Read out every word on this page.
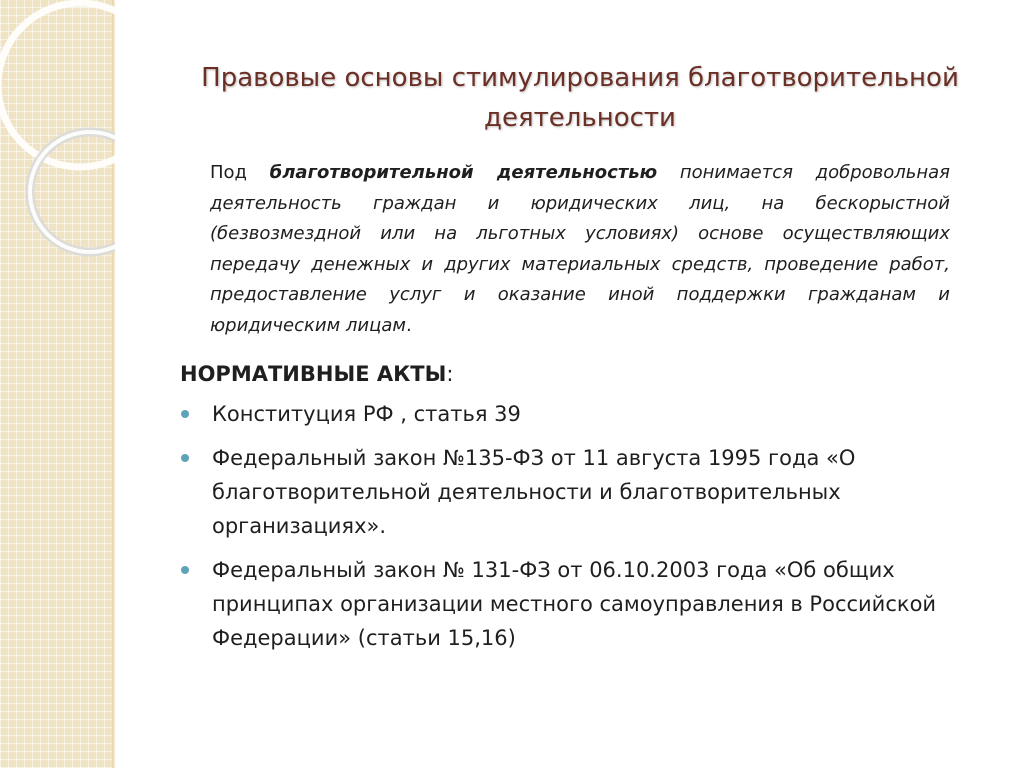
Правовые основы стимулирования благотворительной
деятельности

Под благотворительной деятельностью понимается добровольная деятельность граждан и юридических лиц, на бескорыстной (безвозмездной или на льготных условиях) основе осуществляющих передачу денежных и других материальных средств, проведение работ, предоставление услуг и оказание иной поддержки гражданам и юридическим лицам.

НОРМАТИВНЫЕ АКТЫ:
Конституция РФ , статья 39
Федеральный закон №135-ФЗ от 11 августа 1995 года «О благотворительной деятельности и благотворительных организациях».
Федеральный закон № 131-ФЗ от 06.10.2003 года «Об общих принципах организации местного самоуправления в Российской Федерации» (статьи 15,16)
